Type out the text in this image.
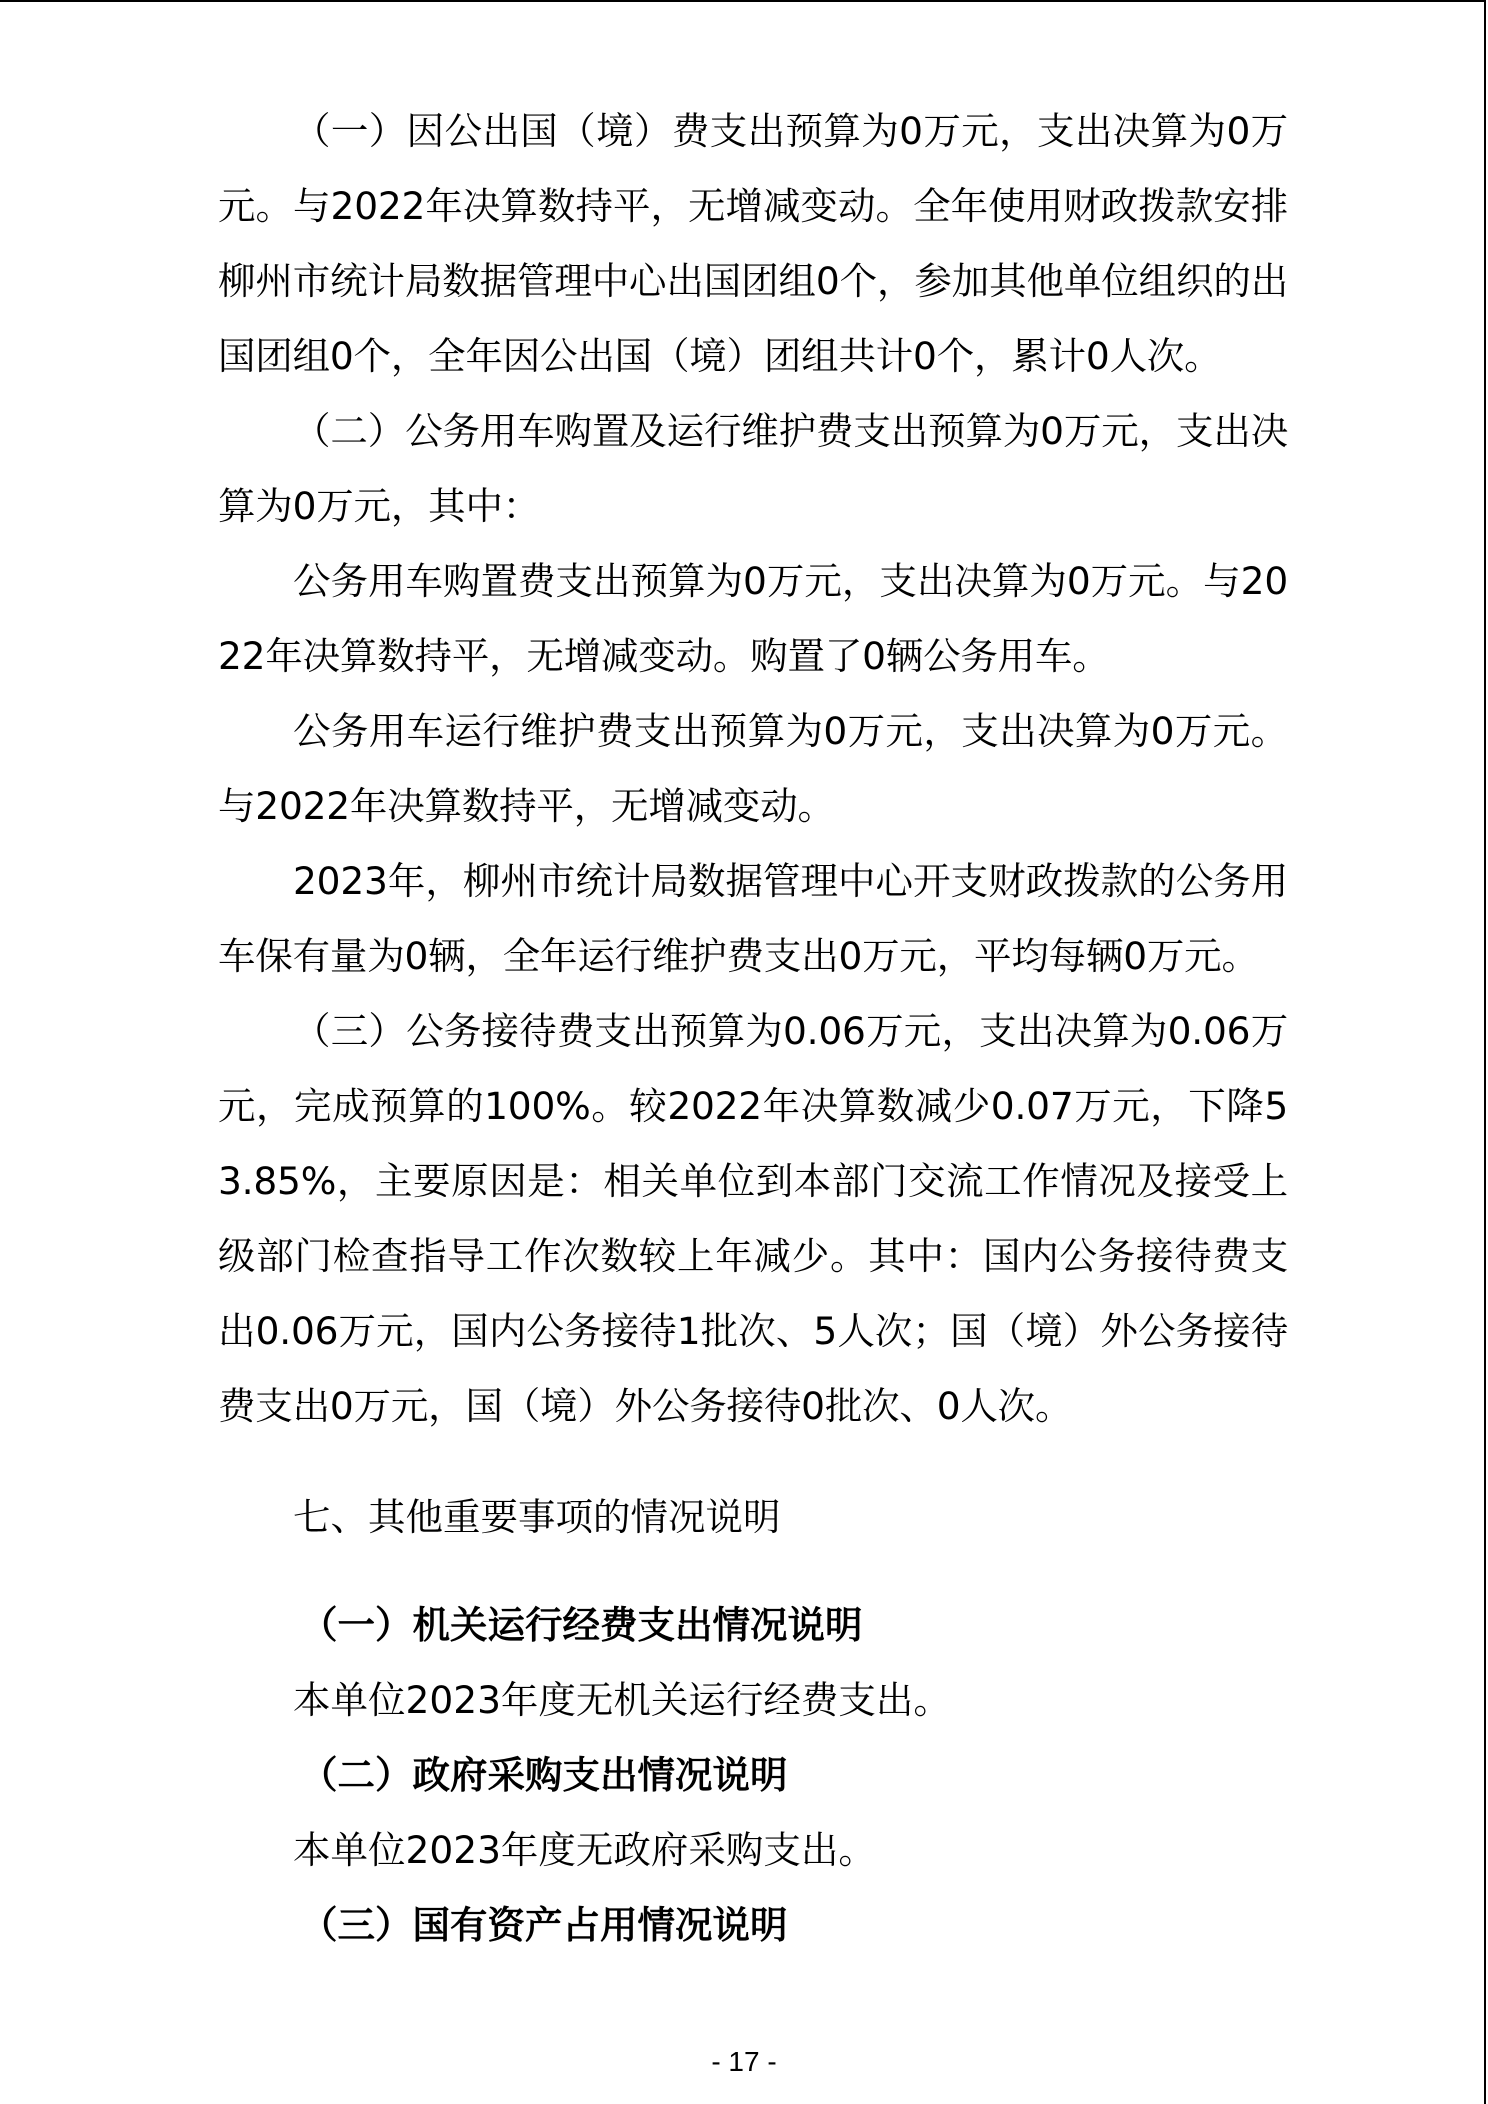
（一）因公出国（境）费支出预算为0万元，支出决算为0万元。与2022年决算数持平，无增减变动。全年使用财政拨款安排柳州市统计局数据管理中心出国团组0个，参加其他单位组织的出国团组0个，全年因公出国（境）团组共计0个，累计0人次。

（二）公务用车购置及运行维护费支出预算为0万元，支出决算为0万元，其中：

公务用车购置费支出预算为0万元，支出决算为0万元。与2022年决算数持平，无增减变动。购置了0辆公务用车。

公务用车运行维护费支出预算为0万元，支出决算为0万元。与2022年决算数持平，无增减变动。

2023年，柳州市统计局数据管理中心开支财政拨款的公务用车保有量为0辆，全年运行维护费支出0万元，平均每辆0万元。

（三）公务接待费支出预算为0.06万元，支出决算为0.06万元，完成预算的100%。较2022年决算数减少0.07万元，下降53.85%，主要原因是：相关单位到本部门交流工作情况及接受上级部门检查指导工作次数较上年减少。其中：国内公务接待费支出0.06万元，国内公务接待1批次、5人次；国（境）外公务接待费支出0万元，国（境）外公务接待0批次、0人次。

七、其他重要事项的情况说明
（一）机关运行经费支出情况说明
本单位2023年度无机关运行经费支出。
（二）政府采购支出情况说明
本单位2023年度无政府采购支出。
（三）国有资产占用情况说明
- 17 -
